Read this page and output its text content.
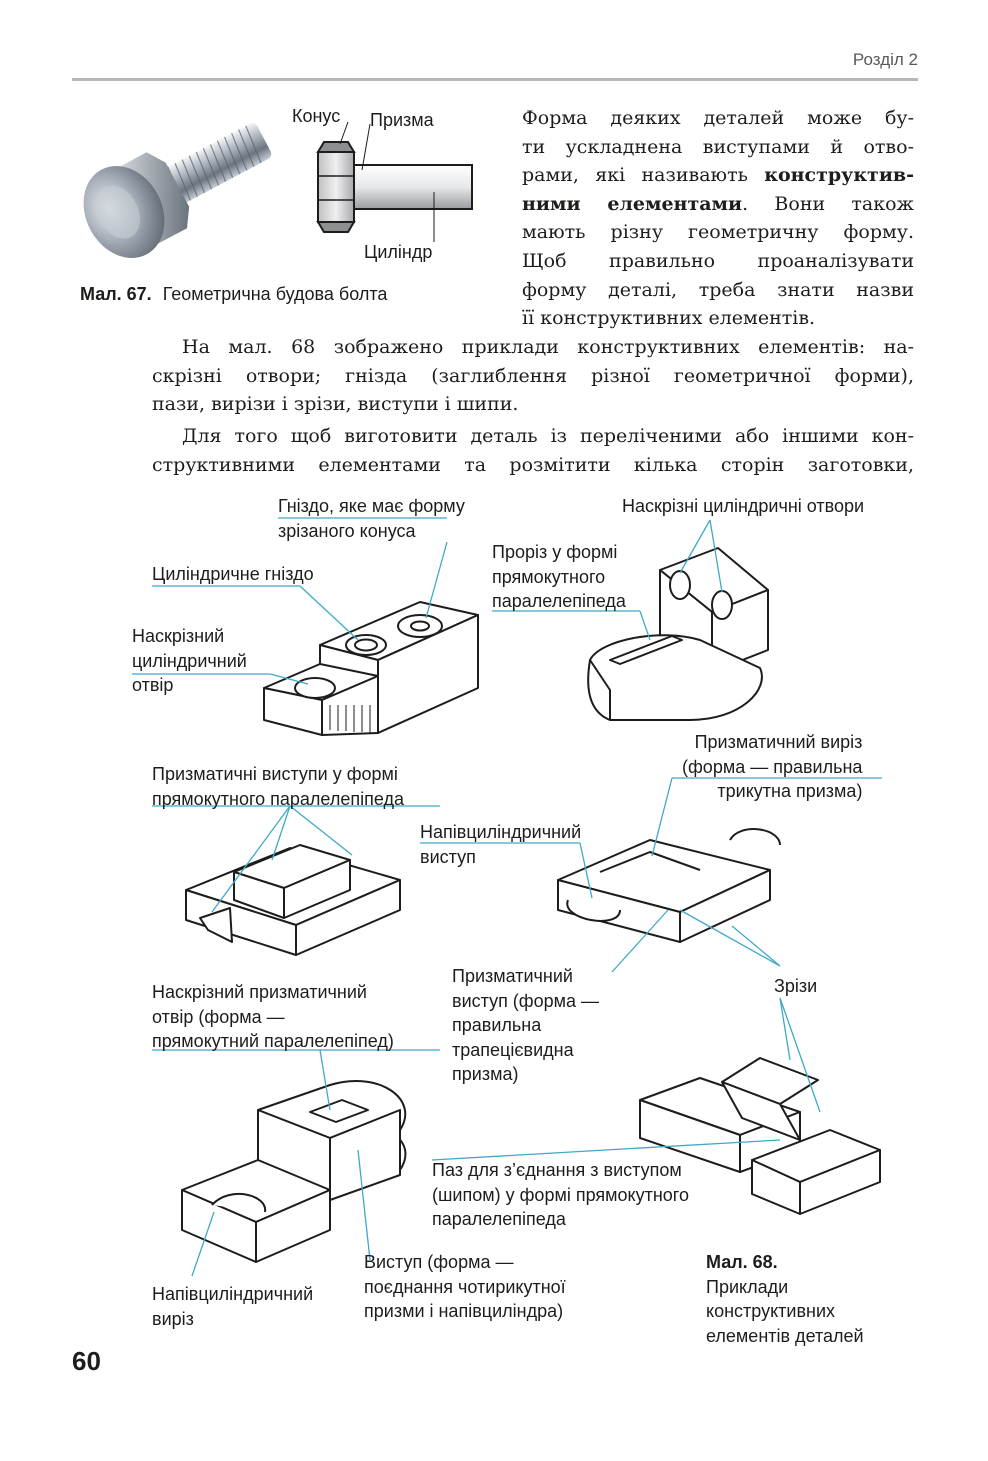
Розділ 2
Конус Призма
Циліндр
Мал. 67. Геометрична будова болта
Форма деяких деталей може бу-
ти ускладнена виступами й отво-
рами, які називають конструктив-
ними елементами. Вони також
мають різну геометричну форму.
Щоб правильно проаналізувати
форму деталі, треба знати назви
її конструктивних елементів.
На мал. 68 зображено приклади конструктивних елементів: на-
скрізні отвори; гнізда (заглиблення різної геометричної форми),
пази, вирізи і зрізи, виступи і шипи.
Для того щоб виготовити деталь із переліченими або іншими кон-
структивними елементами та розмітити кілька сторін заготовки,
Гніздо, яке має форму
зрізаного конуса
Наскрізні циліндричні отвори
Циліндричне гніздо
Проріз у формі
прямокутного
паралелепіпеда
Наскрізний
циліндричний
отвір
Призматичний виріз
(форма — правильна
трикутна призма)
Призматичні виступи у формі
прямокутного паралелепіпеда
Напівциліндричний
виступ
Наскрізний призматичний
отвір (форма —
прямокутний паралелепіпед)
Призматичний
виступ (форма —
правильна
трапецієвидна
призма)
Зрізи
Паз для з’єднання з виступом
(шипом) у формі прямокутного
паралелепіпеда
Виступ (форма —
поєднання чотирикутної
призми і напівциліндра)
Напівциліндричний
виріз
Мал. 68.
Приклади
конструктивних
елементів деталей
60
